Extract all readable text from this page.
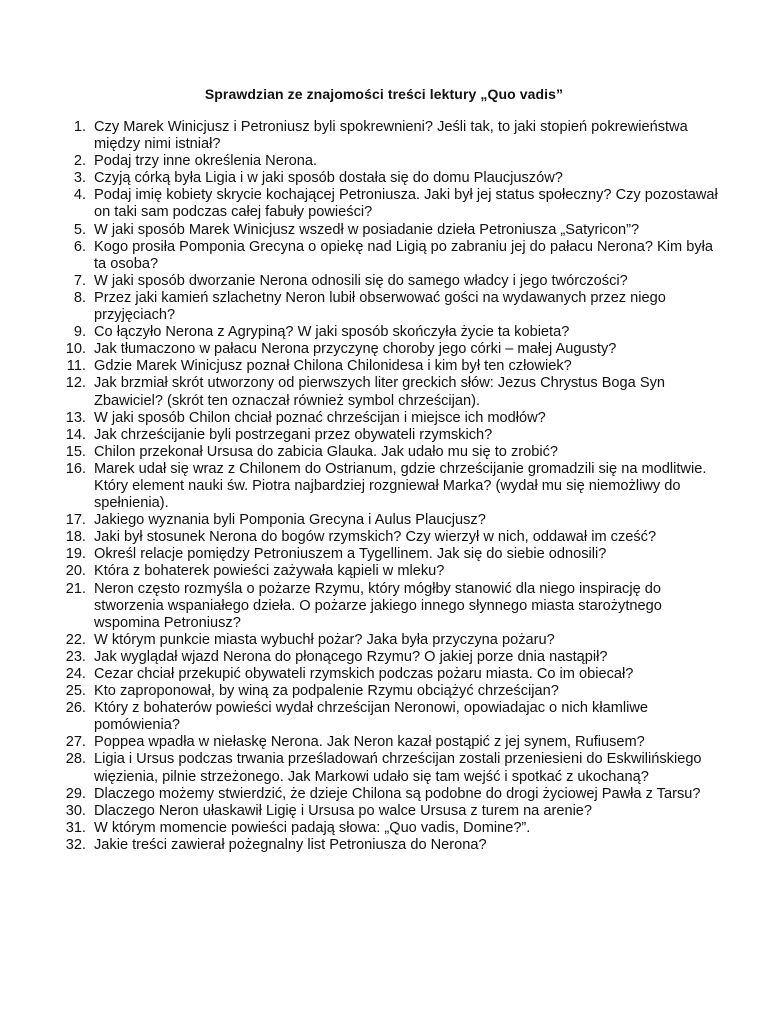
Sprawdzian ze znajomości treści lektury „Quo vadis”
1. Czy Marek Winicjusz i Petroniusz byli spokrewnieni? Jeśli tak, to jaki stopień pokrewieństwa między nimi istniał?
2. Podaj trzy inne określenia Nerona.
3. Czyją córką była Ligia i w jaki sposób dostała się do domu Plaucjuszów?
4. Podaj imię kobiety skrycie kochającej Petroniusza. Jaki był jej status społeczny? Czy pozostawał on taki sam podczas całej fabuły powieści?
5. W jaki sposób Marek Winicjusz wszedł w posiadanie dzieła Petroniusza „Satyricon”?
6. Kogo prosiła Pomponia Grecyna o opiekę nad Ligią po zabraniu jej do pałacu Nerona? Kim była ta osoba?
7. W jaki sposób dworzanie Nerona odnosili się do samego władcy i jego twórczości?
8. Przez jaki kamień szlachetny Neron lubił obserwować gości na wydawanych przez niego przyjęciach?
9. Co łączyło Nerona z Agrypiną? W jaki sposób skończyła życie ta kobieta?
10. Jak tłumaczono w pałacu Nerona przyczynę choroby jego córki – małej Augusty?
11. Gdzie Marek Winicjusz poznał Chilona Chilonidesa i kim był ten człowiek?
12. Jak brzmiał skrót utworzony od pierwszych liter greckich słów: Jezus Chrystus Boga Syn Zbawiciel? (skrót ten oznaczał również symbol chrześcijan).
13. W jaki sposób Chilon chciał poznać chrześcijan i miejsce ich modłów?
14. Jak chrześcijanie byli postrzegani przez obywateli rzymskich?
15. Chilon przekonał Ursusa do zabicia Glauka. Jak udało mu się to zrobić?
16. Marek udał się wraz z Chilonem do Ostrianum, gdzie chrześcijanie gromadzili się na modlitwie. Który element nauki św. Piotra najbardziej rozgniewał Marka? (wydał mu się niemożliwy do spełnienia).
17. Jakiego wyznania byli Pomponia Grecyna i Aulus Plaucjusz?
18. Jaki był stosunek Nerona do bogów rzymskich? Czy wierzył w nich, oddawał im cześć?
19. Określ relacje pomiędzy Petroniuszem a Tygellinem. Jak się do siebie odnosili?
20. Która z bohaterek powieści zażywała kąpieli w mleku?
21. Neron często rozmyśla o pożarze Rzymu, który mógłby stanowić dla niego inspirację do stworzenia wspaniałego dzieła. O pożarze jakiego innego słynnego miasta starożytnego wspomina Petroniusz?
22. W którym punkcie miasta wybuchł pożar? Jaka była przyczyna pożaru?
23. Jak wyglądał wjazd Nerona do płonącego Rzymu? O jakiej porze dnia nastąpił?
24. Cezar chciał przekupić obywateli rzymskich podczas pożaru miasta. Co im obiecał?
25. Kto zaproponował, by winą za podpalenie Rzymu obciążyć chrześcijan?
26. Który z bohaterów powieści wydał chrześcijan Neronowi, opowiadajac o nich kłamliwe pomówienia?
27. Poppea wpadła w niełaskę Nerona. Jak Neron kazał postąpić z jej synem, Rufiusem?
28. Ligia i Ursus podczas trwania prześladowań chrześcijan zostali przeniesieni do Eskwilińskiego więzienia, pilnie strzeżonego. Jak Markowi udało się tam wejść i spotkać z ukochaną?
29. Dlaczego możemy stwierdzić, że dzieje Chilona są podobne do drogi życiowej Pawła z Tarsu?
30. Dlaczego Neron ułaskawił Ligię i Ursusa po walce Ursusa z turem na arenie?
31. W którym momencie powieści padają słowa: „Quo vadis, Domine?”.
32. Jakie treści zawierał pożegnalny list Petroniusza do Nerona?
